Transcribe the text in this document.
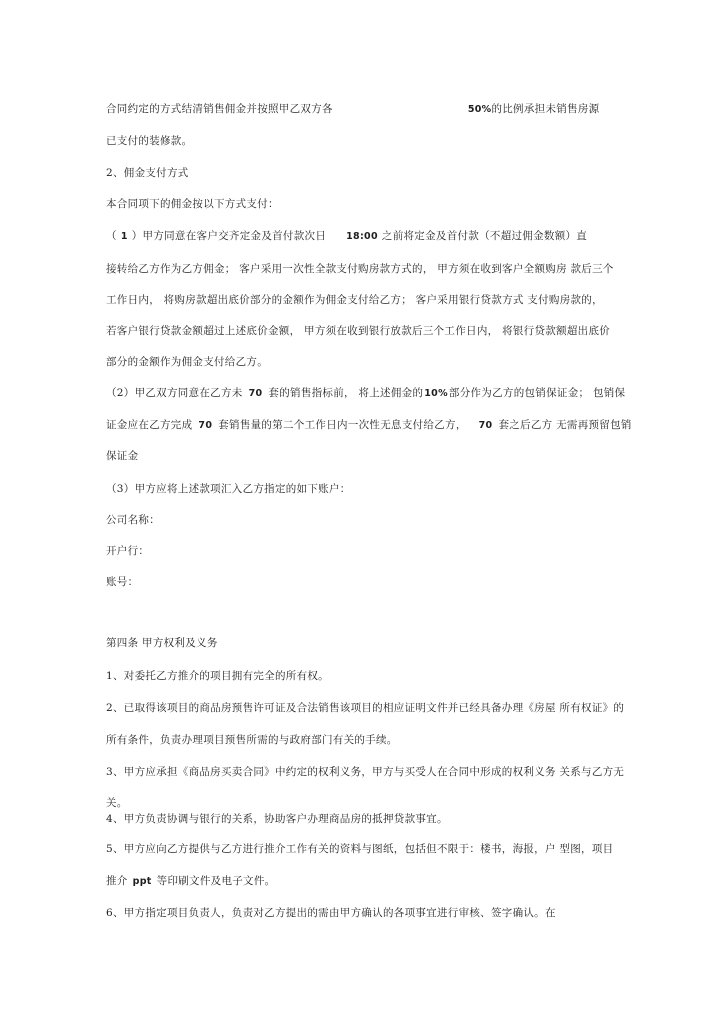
合同约定的方式结清销售佣金并按照甲乙双方各	50%的比例承担未销售房源
已支付的装修款。
2、佣金支付方式
本合同项下的佣金按以下方式支付：
（ 1 ）甲方同意在客户交齐定金及首付款次日 18:00 之前将定金及首付款（不超过佣金数额）直
接转给乙方作为乙方佣金； 客户采用一次性全款支付购房款方式的， 甲方须在收到客户全额购房 款后三个
工作日内， 将购房款超出底价部分的金额作为佣金支付给乙方； 客户采用银行贷款方式 支付购房款的，
若客户银行贷款金额超过上述底价金额， 甲方须在收到银行放款后三个工作日内， 将银行贷款额超出底价
部分的金额作为佣金支付给乙方。
（2）甲乙双方同意在乙方未 70 套的销售指标前， 将上述佣金的10%部分作为乙方的包销保证金； 包销保
证金应在乙方完成 70 套销售量的第二个工作日内一次性无息支付给乙方， 70 套之后乙方 无需再预留包销
保证金
（3）甲方应将上述款项汇入乙方指定的如下账户：
公司名称：
开户行：
账号：
第四条 甲方权利及义务
1、对委托乙方推介的项目拥有完全的所有权。
2、已取得该项目的商品房预售许可证及合法销售该项目的相应证明文件并已经具备办理《房屋 所有权证》的
所有条件，负责办理项目预售所需的与政府部门有关的手续。
3、甲方应承担《商品房买卖合同》中约定的权利义务，甲方与买受人在合同中形成的权利义务 关系与乙方无
关。
4、甲方负责协调与银行的关系，协助客户办理商品房的抵押贷款事宜。
5、甲方应向乙方提供与乙方进行推介工作有关的资料与图纸，包括但不限于：楼书，海报，户 型图，项目
推介 ppt 等印刷文件及电子文件。
6、甲方指定项目负责人，负责对乙方提出的需由甲方确认的各项事宜进行审核、签字确认。在
